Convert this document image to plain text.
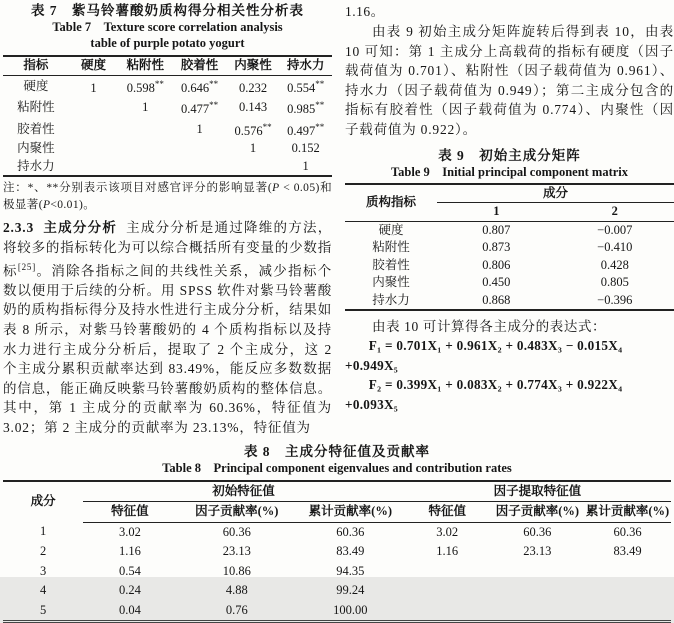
表 7　紫马铃薯酸奶质构得分相关性分析表
Table 7　Texture score correlation analysis
table of purple potato yogurt
指标	硬度	粘附性	胶着性	内聚性	持水力
硬度	1	0.598**	0.646**	0.232	0.554**
粘附性		1	0.477**	0.143	0.985**
胶着性			1	0.576**	0.497**
内聚性				1	0.152
持水力					1
注：*、**分别表示该项目对感官评分的影响显著(P < 0.05)和极显著(P<0.01)。
2.3.3 主成分分析 主成分分析是通过降维的方法，将较多的指标转化为可以综合概括所有变量的少数指标[25]。消除各指标之间的共线性关系，减少指标个数以便用于后续的分析。用 SPSS 软件对紫马铃薯酸奶的质构指标得分及持水性进行主成分分析，结果如表 8 所示，对紫马铃薯酸奶的 4 个质构指标以及持水力进行主成分分析后，提取了 2 个主成分，这 2 个主成分累积贡献率达到 83.49%，能反应多数数据的信息，能正确反映紫马铃薯酸奶质构的整体信息。其中，第 1 主成分的贡献率为 60.36%，特征值为 3.02；第 2 主成分的贡献率为 23.13%，特征值为
1.16。
由表 9 初始主成分矩阵旋转后得到表 10，由表 10 可知：第 1 主成分上高载荷的指标有硬度（因子载荷值为 0.701）、粘附性（因子载荷值为 0.961）、持水力（因子载荷值为 0.949）；第二主成分包含的指标有胶着性（因子载荷值为 0.774）、内聚性（因子载荷值为 0.922）。
表 9　初始主成分矩阵
Table 9　Initial principal component matrix
质构指标	成分	
	1	2
硬度	0.807	−0.007
粘附性	0.873	−0.410
胶着性	0.806	0.428
内聚性	0.450	0.805
持水力	0.868	−0.396
由表 10 可计算得各主成分的表达式：
F₁ = 0.701X₁ + 0.961X₂ + 0.483X₃ − 0.015X₄
+0.949X₅
F₂ = 0.399X₁ + 0.083X₂ + 0.774X₃ + 0.922X₄
+0.093X₅
表 8　主成分特征值及贡献率
Table 8　Principal component eigenvalues and contribution rates
成分	初始特征值			因子提取特征值		
	特征值	因子贡献率(%)	累计贡献率(%)	特征值	因子贡献率(%)	累计贡献率(%)
1	3.02	60.36	60.36	3.02	60.36	60.36
2	1.16	23.13	83.49	1.16	23.13	83.49
3	0.54	10.86	94.35			
4	0.24	4.88	99.24			
5	0.04	0.76	100.00			
